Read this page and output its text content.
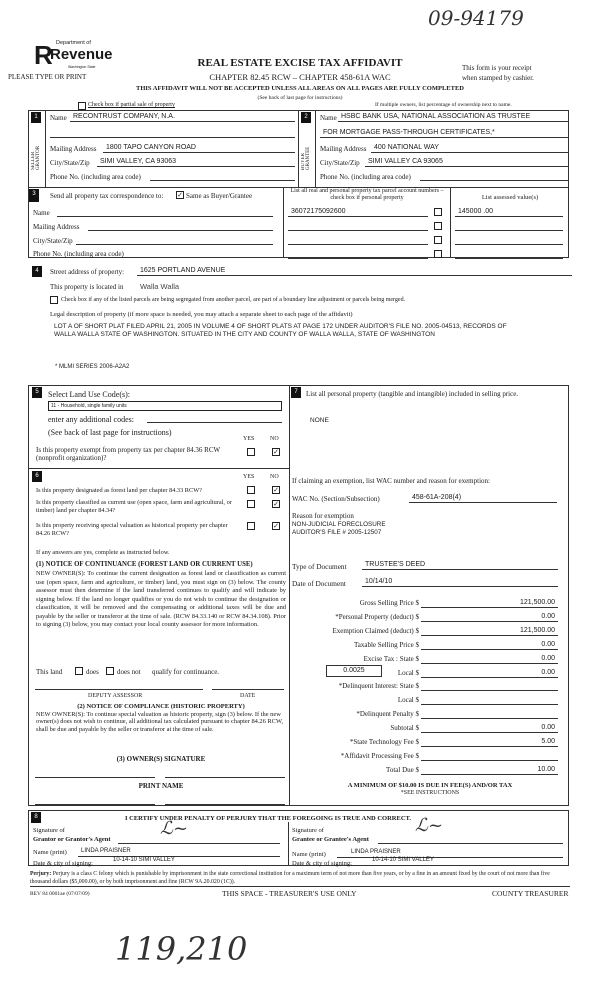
09-94179
R Department of
Revenue
Washington State
PLEASE TYPE OR PRINT
REAL ESTATE EXCISE TAX AFFIDAVIT
CHAPTER 82.45 RCW – CHAPTER 458-61A WAC
THIS AFFIDAVIT WILL NOT BE ACCEPTED UNLESS ALL AREAS ON ALL PAGES ARE FULLY COMPLETED
(See back of last page for instructions)
This form is your receipt
when stamped by cashier.
Check box if partial sale of property	If multiple owners, list percentage of ownership next to name.
1
SELLER GRANTOR
Name RECONTRUST COMPANY, N.A.
Mailing Address	1800 TAPO CANYON ROAD
City/State/Zip	SIMI VALLEY, CA 93063
Phone No. (including area code)
2
BUYER GRANTEE
Name HSBC BANK USA, NATIONAL ASSOCIATION AS TRUSTEE
FOR MORTGAGE PASS-THROUGH CERTIFICATES,*
Mailing Address	400 NATIONAL WAY
City/State/Zip	SIMI VALLEY CA 93065
Phone No. (including area code)
3	Send all property tax correspondence to: ✓ Same as Buyer/Grantee
Name
Mailing Address
City/State/Zip
Phone No. (including area code)
List all real and personal property tax parcel account numbers – check box if personal property	List assessed value(s)
36072175092600	145000 .00
4	Street address of property:	1625 PORTLAND AVENUE
This property is located in Walla Walla
Check box if any of the listed parcels are being segregated from another parcel, are part of a boundary line adjustment or parcels being merged.
Legal description of property (if more space is needed, you may attach a separate sheet to each page of the affidavit)
LOT A OF SHORT PLAT FILED APRIL 21, 2005 IN VOLUME 4 OF SHORT PLATS AT PAGE 172 UNDER AUDITOR'S FILE NO. 2005-04513, RECORDS OF WALLA WALLA STATE OF WASHINGTON. SITUATED IN THE CITY AND COUNTY OF WALLA WALLA, STATE OF WASHINGTON
* MLMI SERIES 2006-A2A2
5	Select Land Use Code(s):
11 - Household, single family units
enter any additional codes:
(See back of last page for instructions)
YES	NO
Is this property exempt from property tax per chapter 84.36 RCW (nonprofit organization)?
✓
6	YES	NO
Is this property designated as forest land per chapter 84.33 RCW?	✓
Is this property classified as current use (open space, farm and agricultural, or timber) land per chapter 84.34?
✓
Is this property receiving special valuation as historical property per chapter 84.26 RCW?
✓
If any answers are yes, complete as instructed below.
(1) NOTICE OF CONTINUANCE (FOREST LAND OR CURRENT USE)
NEW OWNER(S): To continue the current designation as forest land or classification as current use (open space, farm and agriculture, or timber) land, you must sign on (3) below. The county assessor must then determine if the land transferred continues to qualify and will indicate by signing below. If the land no longer qualifies or you do not wish to continue the designation or classification, it will be removed and the compensating or additional taxes will be due and payable by the seller or transferor at the time of sale. (RCW 84.33.140 or RCW 84.34.108). Prior to signing (3) below, you may contact your local county assessor for more information.
This land	does	does not qualify for continuance.
DEPUTY ASSESSOR	DATE
(2) NOTICE OF COMPLIANCE (HISTORIC PROPERTY)
NEW OWNER(S): To continue special valuation as historic property, sign (3) below. If the new owner(s) does not wish to continue, all additional tax calculated pursuant to chapter 84.26 RCW, shall be due and payable by the seller or transferor at the time of sale.
(3) OWNER(S) SIGNATURE
PRINT NAME
7	List all personal property (tangible and intangible) included in selling price.
NONE
If claiming an exemption, list WAC number and reason for exemption:
WAC No. (Section/Subsection)	458-61A-208(4)
Reason for exemption
NON-JUDICIAL FORECLOSURE
AUDITOR'S FILE # 2005-12507
Type of Document	TRUSTEE'S DEED
Date of Document	10/14/10
0.0025
Gross Selling Price $	121,500.00
*Personal Property (deduct) $	0.00
Exemption Claimed (deduct) $	121,500.00
Taxable Selling Price $	0.00
Excise Tax : State $	0.00
Local $	0.00
*Delinquent Interest: State $
Local $
*Delinquent Penalty $
Subtotal $	0.00
*State Technology Fee $	5.00
*Affidavit Processing Fee $
Total Due $	10.00
A MINIMUM OF $10.00 IS DUE IN FEE(S) AND/OR TAX
*SEE INSTRUCTIONS
8	I CERTIFY UNDER PENALTY OF PERJURY THAT THE FOREGOING IS TRUE AND CORRECT.
Signature of
Grantor or Grantor's Agent
ℒ~
Name (print)	LINDA PRAISNER
Date & city of signing:	10-14-10 SIMI VALLEY
Signature of
Grantee or Grantee's Agent
ℒ~
Name (print)	LINDA PRAISNER
Date & city of signing:	10-14-10 SIMI VALLEY
Perjury: Perjury is a class C felony which is punishable by imprisonment in the state correctional institution for a maximum term of not more than five years, or by a fine in an amount fixed by the court of not more than five thousand dollars ($5,000.00), or by both imprisonment and fine (RCW 9A.20.020 (1C)).
REV 84 0001ae (07/07/09)	THIS SPACE - TREASURER'S USE ONLY	COUNTY TREASURER
119,210
